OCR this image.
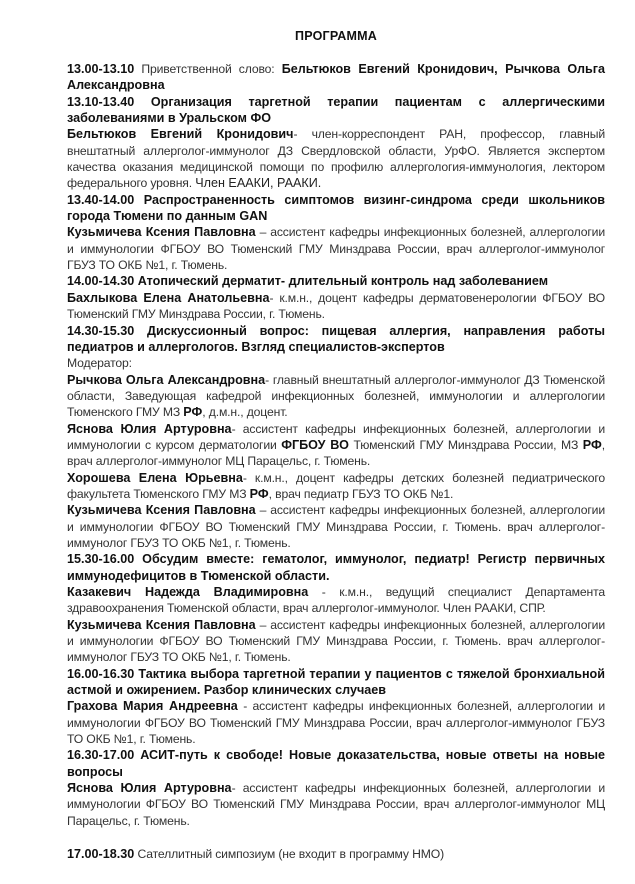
ПРОГРАММА

13.00-13.10 Приветственной слово: Бельтюков Евгений Кронидович, Рычкова Ольга Александровна

13.10-13.40 Организация таргетной терапии пациентам с аллергическими заболеваниями в Уральском ФО

Бельтюков Евгений Кронидович- член-корреспондент РАН, профессор, главный внештатный аллерголог-иммунолог ДЗ Свердловской области, УрФО. Является экспертом качества оказания медицинской помощи по профилю аллергология-иммунология, лектором федерального уровня. Член ЕААКИ, РААКИ.

13.40-14.00 Распространенность симптомов визинг-синдрома среди школьников города Тюмени по данным GAN

Кузьмичева Ксения Павловна – ассистент кафедры инфекционных болезней, аллергологии и иммунологии ФГБОУ ВО Тюменский ГМУ Минздрава России, врач аллерголог-иммунолог ГБУЗ ТО ОКБ №1, г. Тюмень.

14.00-14.30 Атопический дерматит- длительный контроль над заболеванием

Бахлыкова Елена Анатольевна- к.м.н., доцент кафедры дерматовенерологии ФГБОУ ВО Тюменский ГМУ Минздрава России, г. Тюмень.

14.30-15.30 Дискуссионный вопрос: пищевая аллергия, направления работы педиатров и аллергологов. Взгляд специалистов-экспертов

Модератор:

Рычкова Ольга Александровна- главный внештатный аллерголог-иммунолог ДЗ Тюменской области, Заведующая кафедрой инфекционных болезней, иммунологии и аллергологии Тюменского ГМУ МЗ РФ, д.м.н., доцент.

Яснова Юлия Артуровна- ассистент кафедры инфекционных болезней, аллергологии и иммунологии с курсом дерматологии ФГБОУ ВО Тюменский ГМУ Минздрава России, МЗ РФ, врач аллерголог-иммунолог МЦ Парацельс, г. Тюмень.

Хорошева Елена Юрьевна- к.м.н., доцент кафедры детских болезней педиатрического факультета Тюменского ГМУ МЗ РФ, врач педиатр ГБУЗ ТО ОКБ №1.

Кузьмичева Ксения Павловна – ассистент кафедры инфекционных болезней, аллергологии и иммунологии ФГБОУ ВО Тюменский ГМУ Минздрава России, г. Тюмень. врач аллерголог-иммунолог ГБУЗ ТО ОКБ №1, г. Тюмень.

15.30-16.00 Обсудим вместе: гематолог, иммунолог, педиатр! Регистр первичных иммунодефицитов в Тюменской области.

Казакевич Надежда Владимировна - к.м.н., ведущий специалист Департамента здравоохранения Тюменской области, врач аллерголог-иммунолог. Член РААКИ, СПР.

Кузьмичева Ксения Павловна – ассистент кафедры инфекционных болезней, аллергологии и иммунологии ФГБОУ ВО Тюменский ГМУ Минздрава России, г. Тюмень. врач аллерголог-иммунолог ГБУЗ ТО ОКБ №1, г. Тюмень.

16.00-16.30 Тактика выбора таргетной терапии у пациентов с тяжелой бронхиальной астмой и ожирением. Разбор клинических случаев

Грахова Мария Андреевна - ассистент кафедры инфекционных болезней, аллергологии и иммунологии ФГБОУ ВО Тюменский ГМУ Минздрава России, врач аллерголог-иммунолог ГБУЗ ТО ОКБ №1, г. Тюмень.

16.30-17.00 АСИТ-путь к свободе! Новые доказательства, новые ответы на новые вопросы

Яснова Юлия Артуровна- ассистент кафедры инфекционных болезней, аллергологии и иммунологии ФГБОУ ВО Тюменский ГМУ Минздрава России, врач аллерголог-иммунолог МЦ Парацельс, г. Тюмень.

17.00-18.30 Сателлитный симпозиум (не входит в программу НМО)
